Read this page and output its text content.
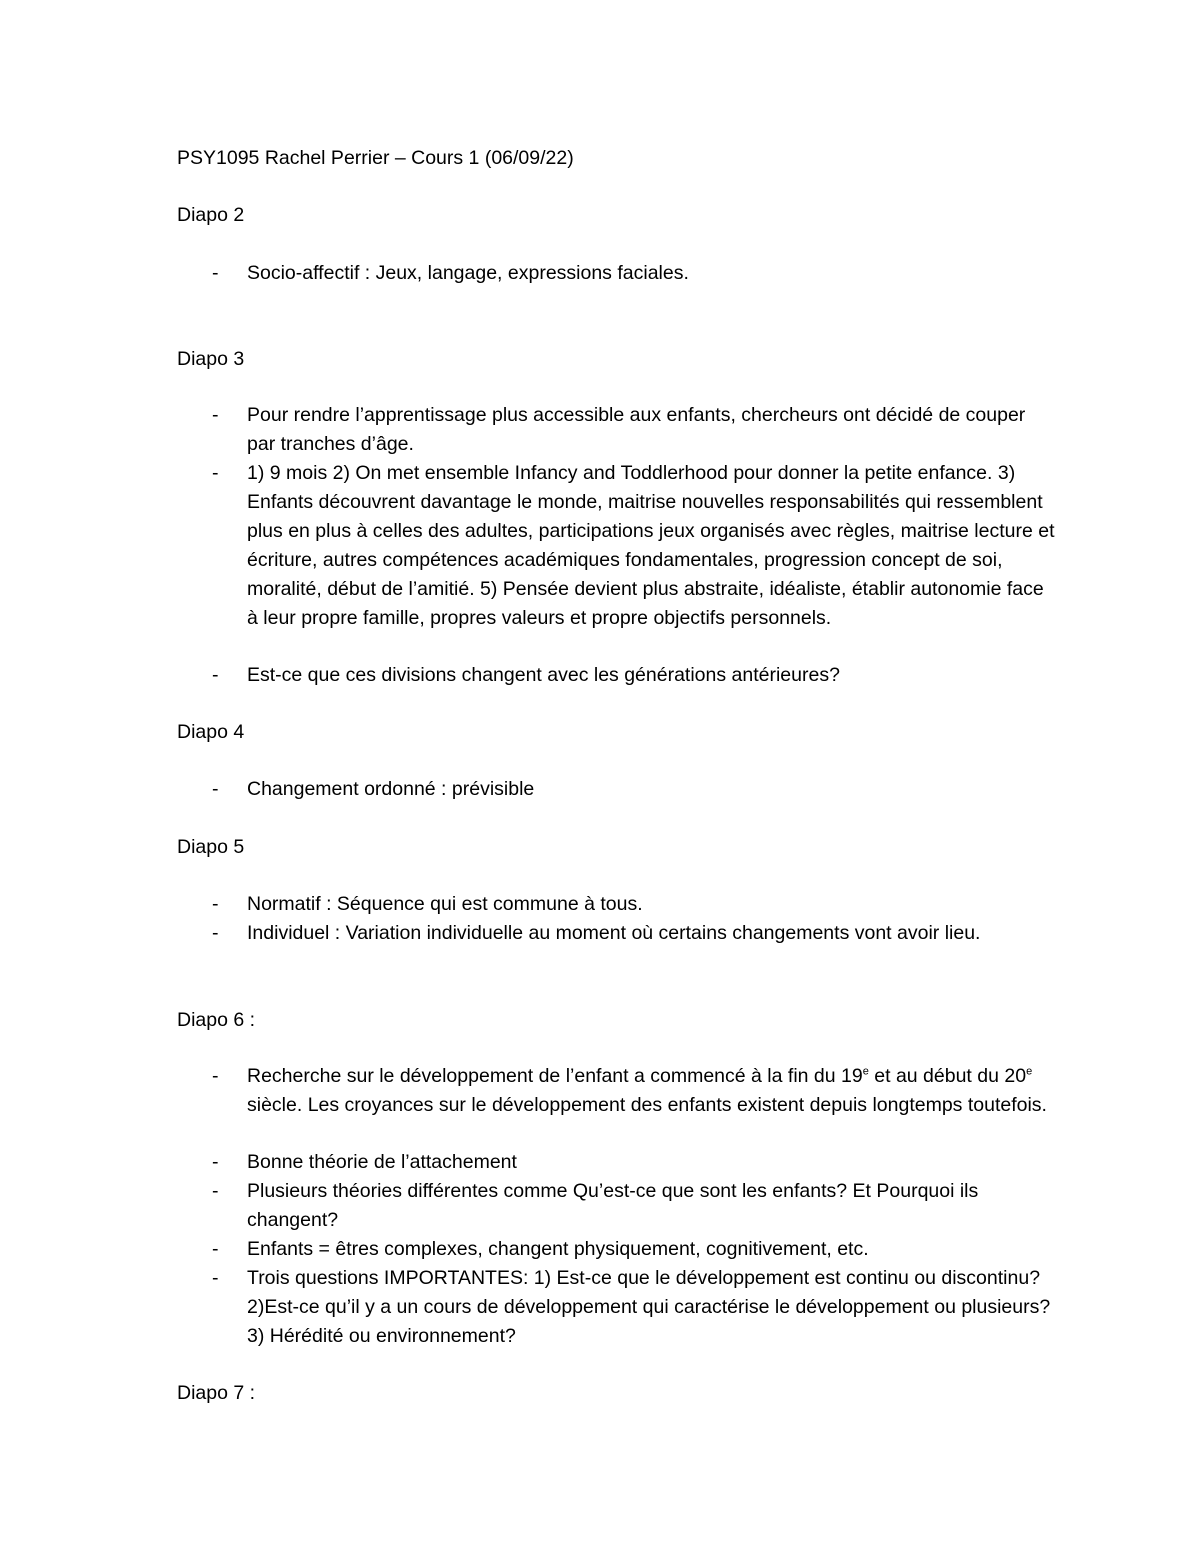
PSY1095 Rachel Perrier – Cours 1 (06/09/22)
Diapo 2
- Socio-affectif : Jeux, langage, expressions faciales.
Diapo 3
- Pour rendre l’apprentissage plus accessible aux enfants, chercheurs ont décidé de couper par tranches d’âge.
- 1) 9 mois 2) On met ensemble Infancy and Toddlerhood pour donner la petite enfance. 3) Enfants découvrent davantage le monde, maitrise nouvelles responsabilités qui ressemblent plus en plus à celles des adultes, participations jeux organisés avec règles, maitrise lecture et écriture, autres compétences académiques fondamentales, progression concept de soi, moralité, début de l’amitié. 5) Pensée devient plus abstraite, idéaliste, établir autonomie face à leur propre famille, propres valeurs et propre objectifs personnels.
- Est-ce que ces divisions changent avec les générations antérieures?
Diapo 4
- Changement ordonné : prévisible
Diapo 5
- Normatif : Séquence qui est commune à tous.
- Individuel : Variation individuelle au moment où certains changements vont avoir lieu.
Diapo 6 :
- Recherche sur le développement de l’enfant a commencé à la fin du 19e et au début du 20e siècle. Les croyances sur le développement des enfants existent depuis longtemps toutefois.
- Bonne théorie de l’attachement
- Plusieurs théories différentes comme Qu’est-ce que sont les enfants? Et Pourquoi ils changent?
- Enfants = êtres complexes, changent physiquement, cognitivement, etc.
- Trois questions IMPORTANTES: 1) Est-ce que le développement est continu ou discontinu? 2)Est-ce qu’il y a un cours de développement qui caractérise le développement ou plusieurs? 3) Hérédité ou environnement?
Diapo 7 :
